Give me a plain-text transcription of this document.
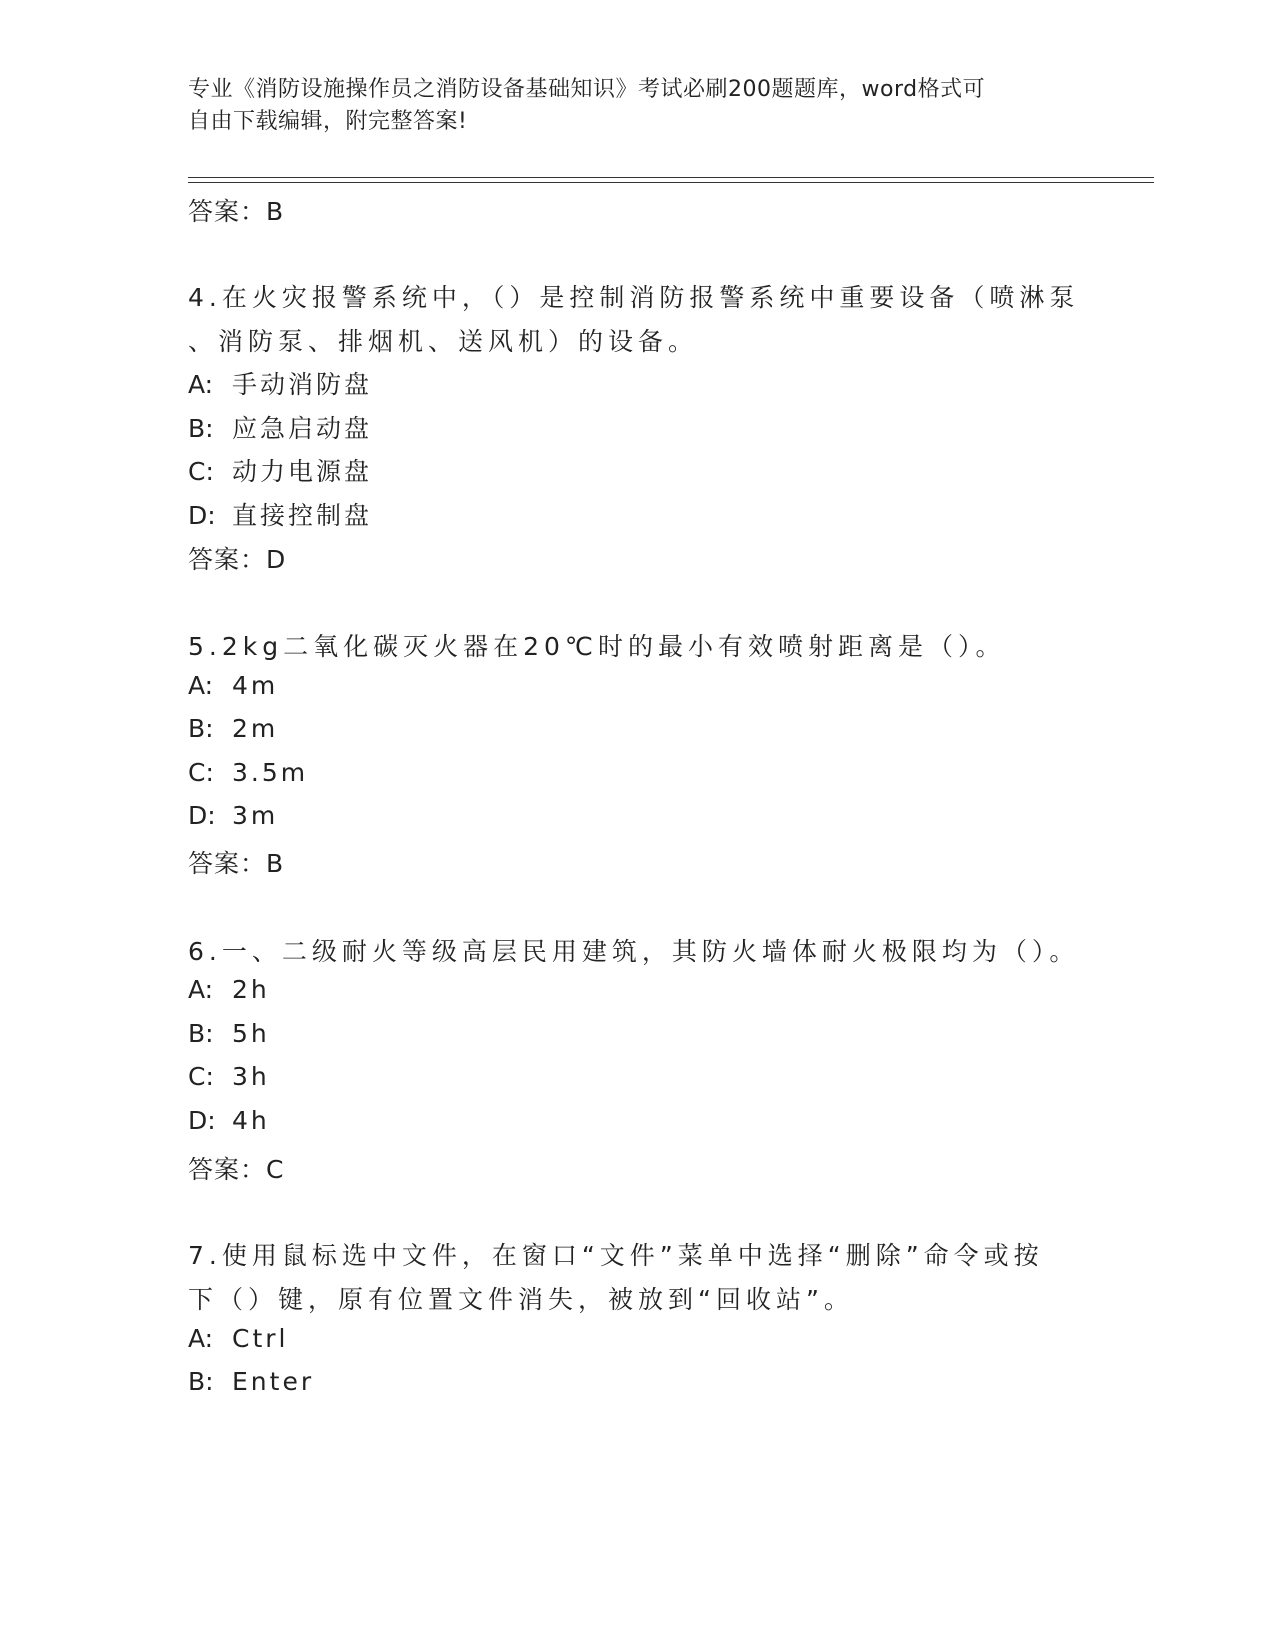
专业《消防设施操作员之消防设备基础知识》考试必刷200题题库，word格式可
自由下载编辑，附完整答案!
答案：B
4.在火灾报警系统中，（）是控制消防报警系统中重要设备（喷淋泵
、消防泵、排烟机、送风机）的设备。
A: 手动消防盘
B: 应急启动盘
C: 动力电源盘
D: 直接控制盘
答案：D
5.2kg二氧化碳灭火器在20℃时的最小有效喷射距离是（）。
A: 4m
B: 2m
C: 3.5m
D: 3m
答案：B
6.一、二级耐火等级高层民用建筑，其防火墙体耐火极限均为（）。
A: 2h
B: 5h
C: 3h
D: 4h
答案：C
7.使用鼠标选中文件，在窗口“文件”菜单中选择“删除”命令或按
下（）键，原有位置文件消失，被放到“回收站”。
A: Ctrl
B: Enter
